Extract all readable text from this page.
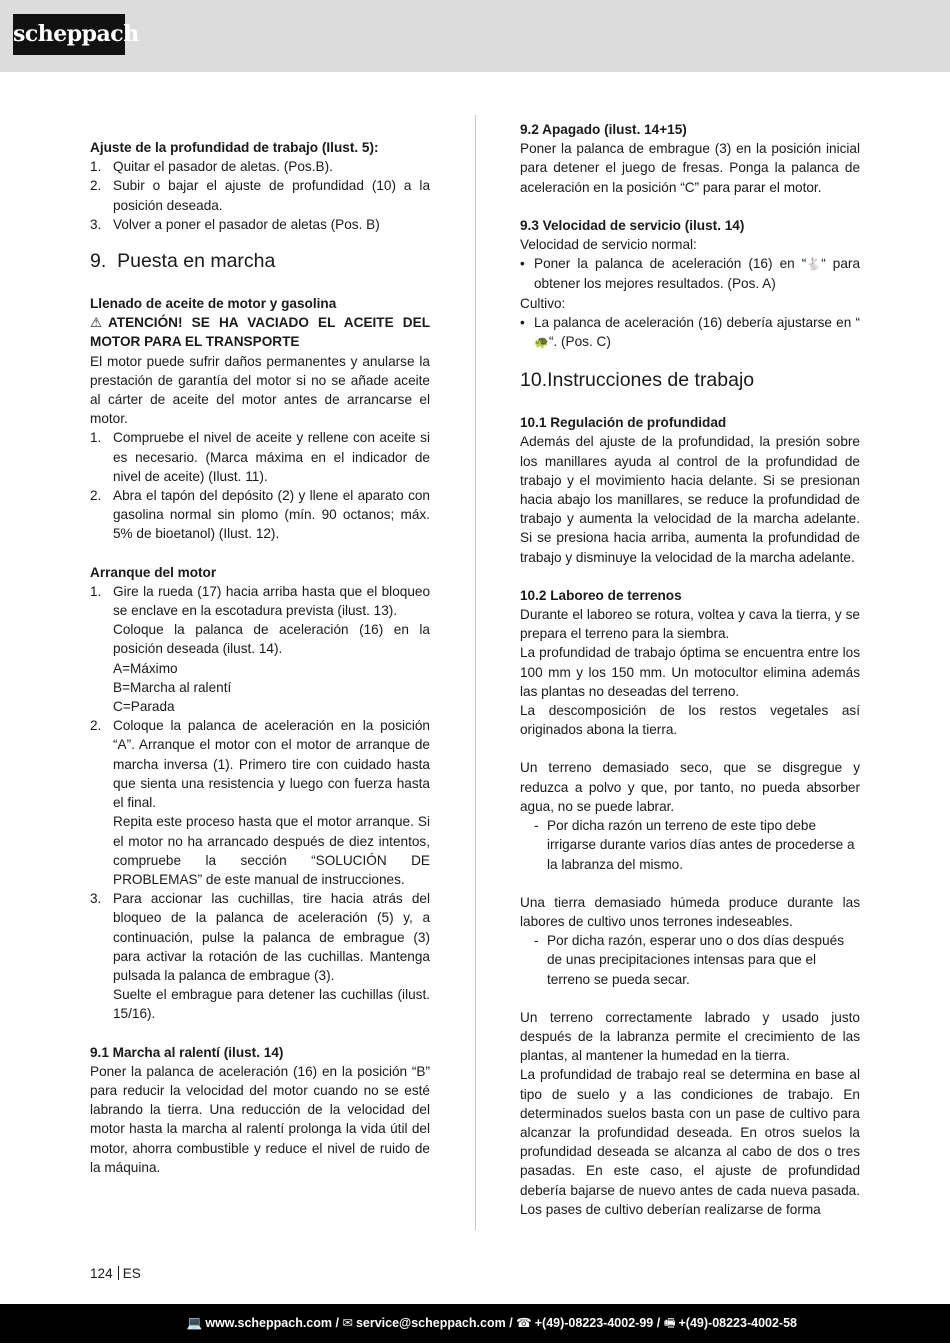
scheppach

Ajuste de la profundidad de trabajo (Ilust. 5):

1. Quitar el pasador de aletas. (Pos.B).
2. Subir o bajar el ajuste de profundidad (10) a la posición deseada.
3. Volver a poner el pasador de aletas (Pos. B)
9. Puesta en marcha

Llenado de aceite de motor y gasolina

⚠ ATENCIÓN! SE HA VACIADO EL ACEITE DEL MOTOR PARA EL TRANSPORTE

El motor puede sufrir daños permanentes y anularse la prestación de garantía del motor si no se añade aceite al cárter de aceite del motor antes de arrancarse el motor.

1. Compruebe el nivel de aceite y rellene con aceite si es necesario. (Marca máxima en el indicador de nivel de aceite) (Ilust. 11).
2. Abra el tapón del depósito (2) y llene el aparato con gasolina normal sin plomo (mín. 90 octanos; máx. 5% de bioetanol) (Ilust. 12).

Arranque del motor

1. Gire la rueda (17) hacia arriba hasta que el bloqueo se enclave en la escotadura prevista (ilust. 13).
Coloque la palanca de aceleración (16) en la posición deseada (ilust. 14).
A=Máximo
B=Marcha al ralentí
C=Parada
2. Coloque la palanca de aceleración en la posición “A”. Arranque el motor con el motor de arranque de marcha inversa (1). Primero tire con cuidado hasta que sienta una resistencia y luego con fuerza hasta el final.
Repita este proceso hasta que el motor arranque. Si el motor no ha arrancado después de diez intentos, compruebe la sección “SOLUCIÓN DE PROBLEMAS” de este manual de instrucciones.
3. Para accionar las cuchillas, tire hacia atrás del bloqueo de la palanca de aceleración (5) y, a continuación, pulse la palanca de embrague (3) para activar la rotación de las cuchillas. Mantenga pulsada la palanca de embrague (3).
Suelte el embrague para detener las cuchillas (ilust. 15/16).

9.1 Marcha al ralentí (ilust. 14)

Poner la palanca de aceleración (16) en la posición “B” para reducir la velocidad del motor cuando no se esté labrando la tierra. Una reducción de la velocidad del motor hasta la marcha al ralentí prolonga la vida útil del motor, ahorra combustible y reduce el nivel de ruido de la máquina.

9.2 Apagado (ilust. 14+15)

Poner la palanca de embrague (3) en la posición inicial para detener el juego de fresas. Ponga la palanca de aceleración en la posición “C” para parar el motor.

9.3 Velocidad de servicio (ilust. 14)

Velocidad de servicio normal:

• Poner la palanca de aceleración (16) en “🐇“ para obtener los mejores resultados. (Pos. A)

Cultivo:

• La palanca de aceleración (16) debería ajustarse en “🐢“. (Pos. C)
10.Instrucciones de trabajo

10.1 Regulación de profundidad

Además del ajuste de la profundidad, la presión sobre los manillares ayuda al control de la profundidad de trabajo y el movimiento hacia delante. Si se presionan hacia abajo los manillares, se reduce la profundidad de trabajo y aumenta la velocidad de la marcha adelante. Si se presiona hacia arriba, aumenta la profundidad de trabajo y disminuye la velocidad de la marcha adelante.

10.2 Laboreo de terrenos

Durante el laboreo se rotura, voltea y cava la tierra, y se prepara el terreno para la siembra.

La profundidad de trabajo óptima se encuentra entre los 100 mm y los 150 mm. Un motocultor elimina además las plantas no deseadas del terreno.

La descomposición de los restos vegetales así originados abona la tierra.

Un terreno demasiado seco, que se disgregue y reduzca a polvo y que, por tanto, no pueda absorber agua, no se puede labrar.

- Por dicha razón un terreno de este tipo debe irrigarse durante varios días antes de procederse a la labranza del mismo.

Una tierra demasiado húmeda produce durante las labores de cultivo unos terrones indeseables.

- Por dicha razón, esperar uno o dos días después de unas precipitaciones intensas para que el terreno se pueda secar.

Un terreno correctamente labrado y usado justo después de la labranza permite el crecimiento de las plantas, al mantener la humedad en la tierra.

La profundidad de trabajo real se determina en base al tipo de suelo y a las condiciones de trabajo. En determinados suelos basta con un pase de cultivo para alcanzar la profundidad deseada. En otros suelos la profundidad deseada se alcanza al cabo de dos o tres pasadas. En este caso, el ajuste de profundidad debería bajarse de nuevo antes de cada nueva pasada. Los pases de cultivo deberían realizarse de forma

124 ES
💻 www.scheppach.com / ✉ service@scheppach.com / ☎ +(49)-08223-4002-99 / 🖷 +(49)-08223-4002-58
